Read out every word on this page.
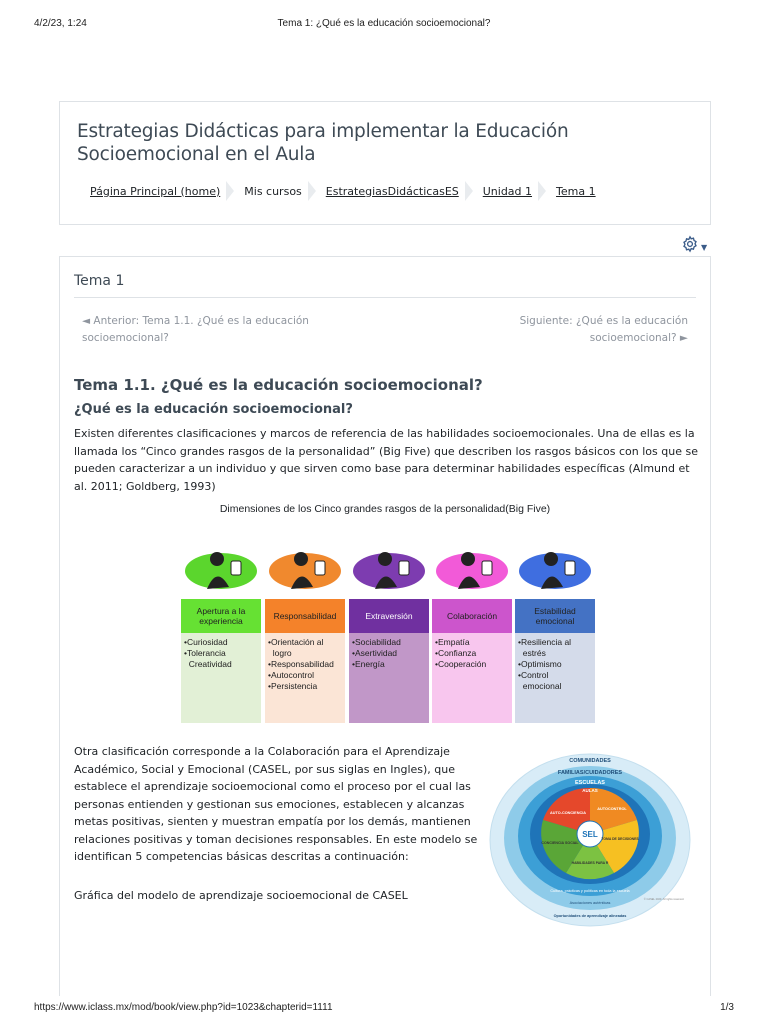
4/2/23, 1:24	Tema 1: ¿Qué es la educación socioemocional?
Estrategias Didácticas para implementar la Educación Socioemocional en el Aula
Página Principal (home) Mis cursos EstrategiasDidácticasES Unidad 1 Tema 1
▼
Tema 1
◄ Anterior: Tema 1.1. ¿Qué es la educación socioemocional?
Siguiente: ¿Qué es la educación socioemocional? ►
Tema 1.1. ¿Qué es la educación socioemocional?
¿Qué es la educación socioemocional?

Existen diferentes clasificaciones y marcos de referencia de las habilidades socioemocionales. Una de ellas es la llamada los “Cinco grandes rasgos de la personalidad” (Big Five) que describen los rasgos básicos con los que se pueden caracterizar a un individuo y que sirven como base para determinar habilidades específicas (Almund et al. 2011; Goldberg, 1993)

Dimensiones de los Cinco grandes rasgos de la personalidad(Big Five)
Apertura a la experiencia
•Curiosidad
•Tolerancia
Creatividad
Responsabilidad
•Orientación al
logro
•Responsabilidad
•Autocontrol
•Persistencia
Extraversión
•Sociabilidad
•Asertividad
•Energía
Colaboración
•Empatía
•Confianza
•Cooperación
Estabilidad emocional
•Resiliencia al
estrés
•Optimismo
•Control
emocional

Otra clasificación corresponde a la Colaboración para el Aprendizaje Académico, Social y Emocional (CASEL, por sus siglas en Ingles), que establece el aprendizaje socioemocional como el proceso por el cual las personas entienden y gestionan sus emociones, establecen y alcanzas metas positivas, sienten y muestran empatía por los demás, mantienen relaciones positivas y toman decisiones responsables. En este modelo se identifican 5 competencias básicas descritas a continuación:

Gráfica del modelo de aprendizaje socioemocional de CASEL

SEL
COMUNIDADES
FAMILIAS/CUIDADORES
ESCUELAS
AULAS
AUTO-CONCIENCIA
AUTOCONTROL
TOMA DE DECISIONES
HABILIDADES PARA R
CONCIENCIA SOCIAL
Cultura, prácticas y políticas en toda la escuela
Asociaciones auténticas
Oportunidades de aprendizaje alineadas
© CASEL 2020. All rights reserved.
https://www.iclass.mx/mod/book/view.php?id=1023&chapterid=1111	1/3
